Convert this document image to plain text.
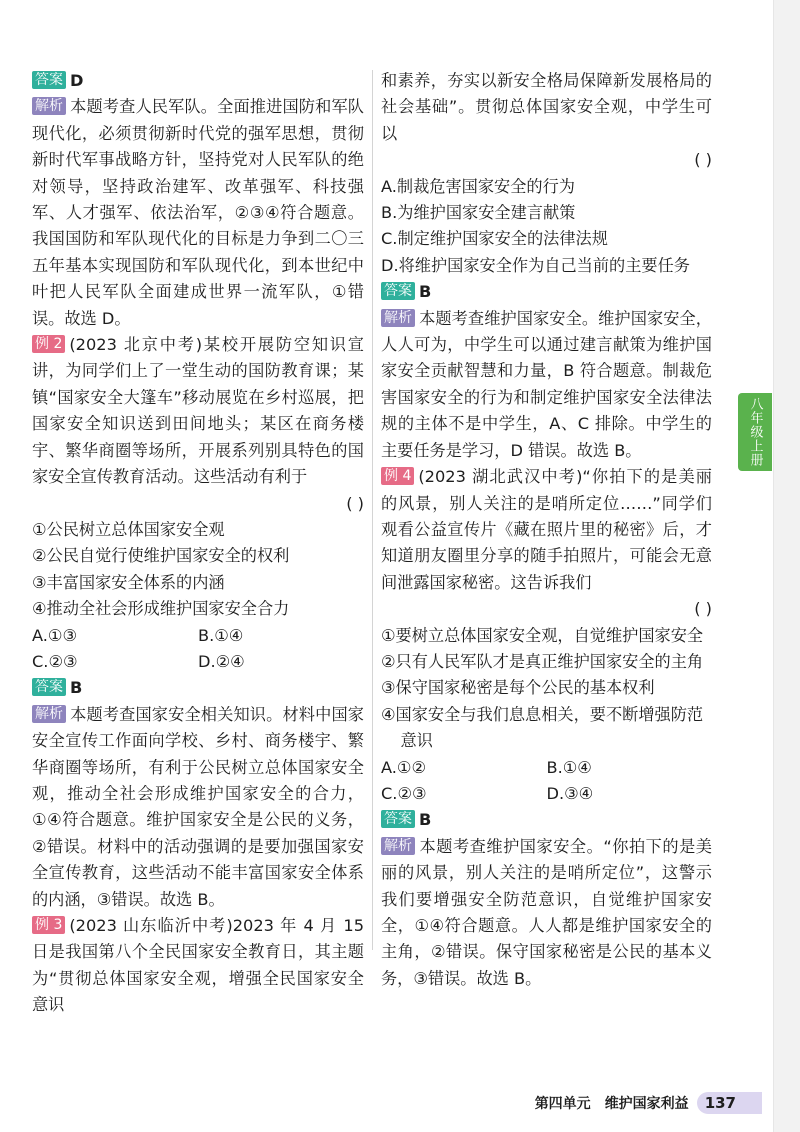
答案 D

解析 本题考查人民军队。全面推进国防和军队现代化，必须贯彻新时代党的强军思想，贯彻新时代军事战略方针，坚持党对人民军队的绝对领导，坚持政治建军、改革强军、科技强军、人才强军、依法治军，②③④符合题意。我国国防和军队现代化的目标是力争到二〇三五年基本实现国防和军队现代化，到本世纪中叶把人民军队全面建成世界一流军队，①错误。故选 D。

例 2 (2023 北京中考)某校开展防空知识宣讲，为同学们上了一堂生动的国防教育课；某镇“国家安全大篷车”移动展览在乡村巡展，把国家安全知识送到田间地头；某区在商务楼宇、繁华商圈等场所，开展系列别具特色的国家安全宣传教育活动。这些活动有利于

( )

①公民树立总体国家安全观

②公民自觉行使维护国家安全的权利

③丰富国家安全体系的内涵

④推动全社会形成维护国家安全合力

A.①③	B.①④
C.②③	D.②④

答案 B

解析 本题考查国家安全相关知识。材料中国家安全宣传工作面向学校、乡村、商务楼宇、繁华商圈等场所，有利于公民树立总体国家安全观，推动全社会形成维护国家安全的合力，①④符合题意。维护国家安全是公民的义务，②错误。材料中的活动强调的是要加强国家安全宣传教育，这些活动不能丰富国家安全体系的内涵，③错误。故选 B。

例 3 (2023 山东临沂中考)2023 年 4 月 15 日是我国第八个全民国家安全教育日，其主题为“贯彻总体国家安全观，增强全民国家安全意识

和素养，夯实以新安全格局保障新发展格局的社会基础”。贯彻总体国家安全观，中学生可以

( )

A.制裁危害国家安全的行为

B.为维护国家安全建言献策

C.制定维护国家安全的法律法规

D.将维护国家安全作为自己当前的主要任务

答案 B

解析 本题考查维护国家安全。维护国家安全，人人可为，中学生可以通过建言献策为维护国家安全贡献智慧和力量，B 符合题意。制裁危害国家安全的行为和制定维护国家安全法律法规的主体不是中学生，A、C 排除。中学生的主要任务是学习，D 错误。故选 B。

例 4 (2023 湖北武汉中考)“你拍下的是美丽的风景，别人关注的是哨所定位……”同学们观看公益宣传片《藏在照片里的秘密》后，才知道朋友圈里分享的随手拍照片，可能会无意间泄露国家秘密。这告诉我们

( )

①要树立总体国家安全观，自觉维护国家安全

②只有人民军队才是真正维护国家安全的主角

③保守国家秘密是每个公民的基本权利

④国家安全与我们息息相关，要不断增强防范

意识

A.①②	B.①④
C.②③	D.③④

答案 B

解析 本题考查维护国家安全。“你拍下的是美丽的风景，别人关注的是哨所定位”，这警示我们要增强安全防范意识，自觉维护国家安全，①④符合题意。人人都是维护国家安全的主角，②错误。保守国家秘密是公民的基本义务，③错误。故选 B。

八年级上册
第四单元 维护国家利益	137
